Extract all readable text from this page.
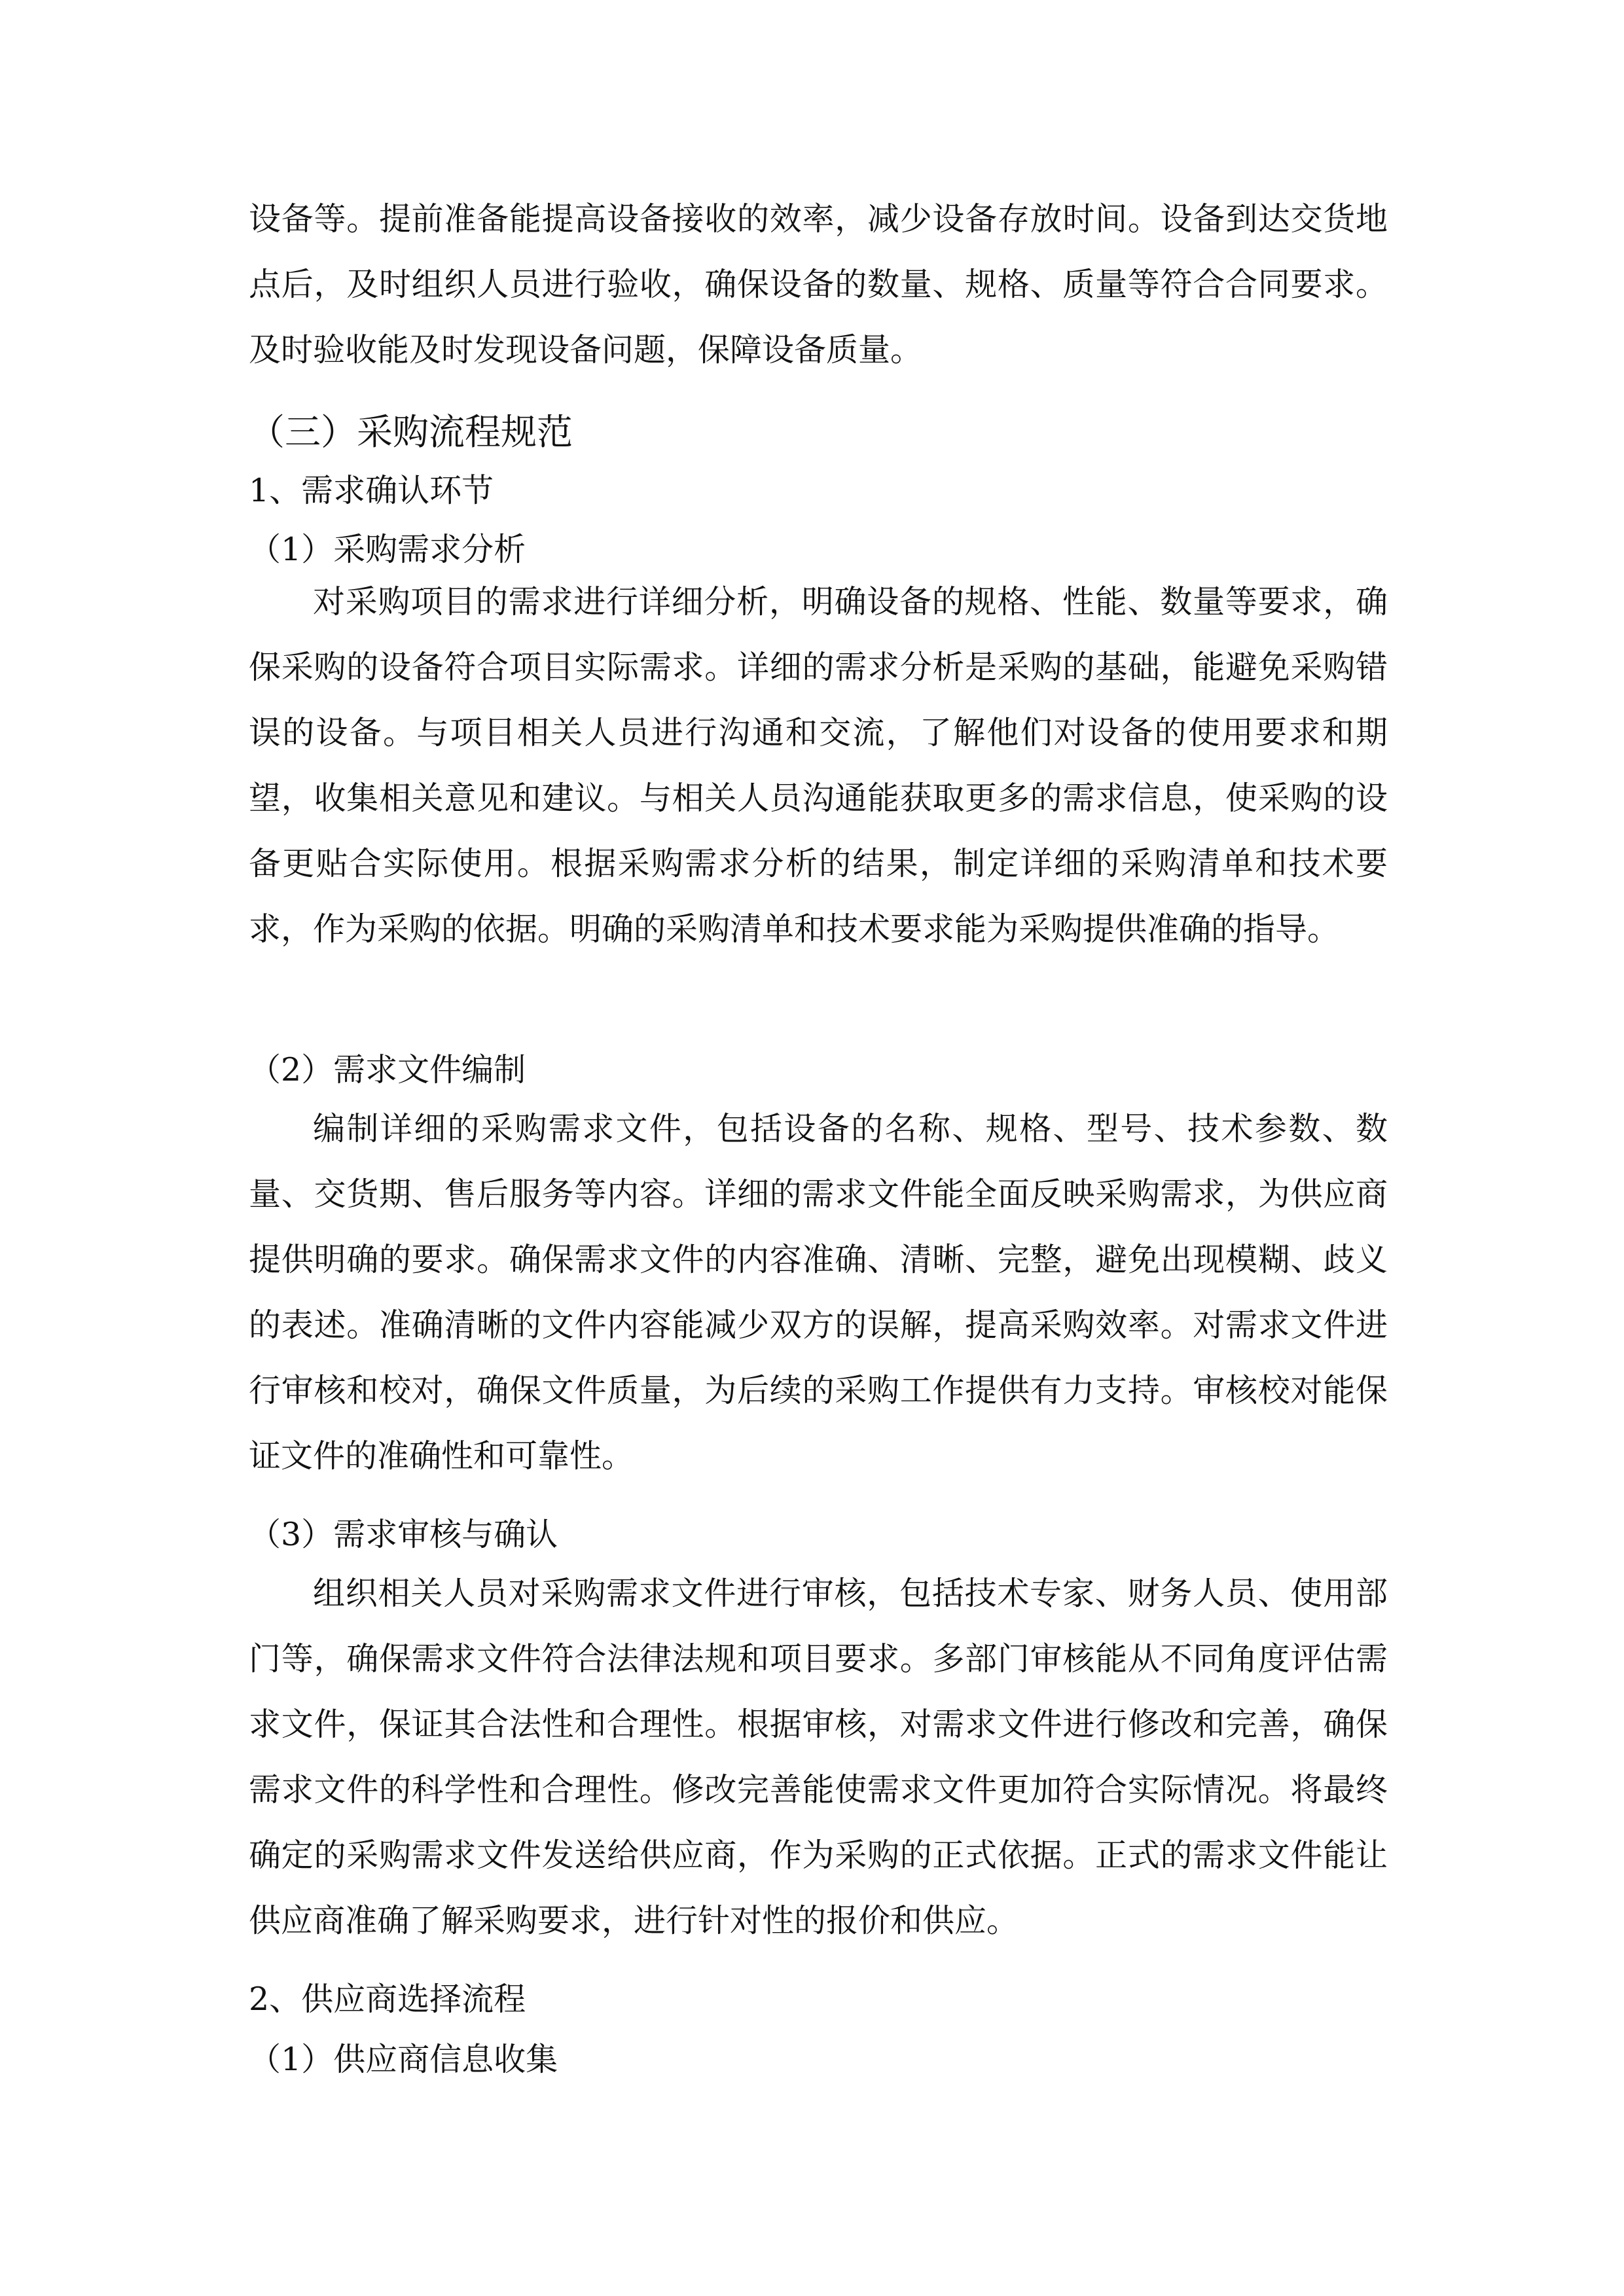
设备等。提前准备能提高设备接收的效率，减少设备存放时间。设备到达交货地点后，及时组织人员进行验收，确保设备的数量、规格、质量等符合合同要求。及时验收能及时发现设备问题，保障设备质量。

（三）采购流程规范
1、需求确认环节
（1）采购需求分析

对采购项目的需求进行详细分析，明确设备的规格、性能、数量等要求，确保采购的设备符合项目实际需求。详细的需求分析是采购的基础，能避免采购错误的设备。与项目相关人员进行沟通和交流，了解他们对设备的使用要求和期望，收集相关意见和建议。与相关人员沟通能获取更多的需求信息，使采购的设备更贴合实际使用。根据采购需求分析的结果，制定详细的采购清单和技术要求，作为采购的依据。明确的采购清单和技术要求能为采购提供准确的指导。

（2）需求文件编制

编制详细的采购需求文件，包括设备的名称、规格、型号、技术参数、数量、交货期、售后服务等内容。详细的需求文件能全面反映采购需求，为供应商提供明确的要求。确保需求文件的内容准确、清晰、完整，避免出现模糊、歧义的表述。准确清晰的文件内容能减少双方的误解，提高采购效率。对需求文件进行审核和校对，确保文件质量，为后续的采购工作提供有力支持。审核校对能保证文件的准确性和可靠性。

（3）需求审核与确认

组织相关人员对采购需求文件进行审核，包括技术专家、财务人员、使用部门等，确保需求文件符合法律法规和项目要求。多部门审核能从不同角度评估需求文件，保证其合法性和合理性。根据审核，对需求文件进行修改和完善，确保需求文件的科学性和合理性。修改完善能使需求文件更加符合实际情况。将最终确定的采购需求文件发送给供应商，作为采购的正式依据。正式的需求文件能让供应商准确了解采购要求，进行针对性的报价和供应。

2、供应商选择流程
（1）供应商信息收集
